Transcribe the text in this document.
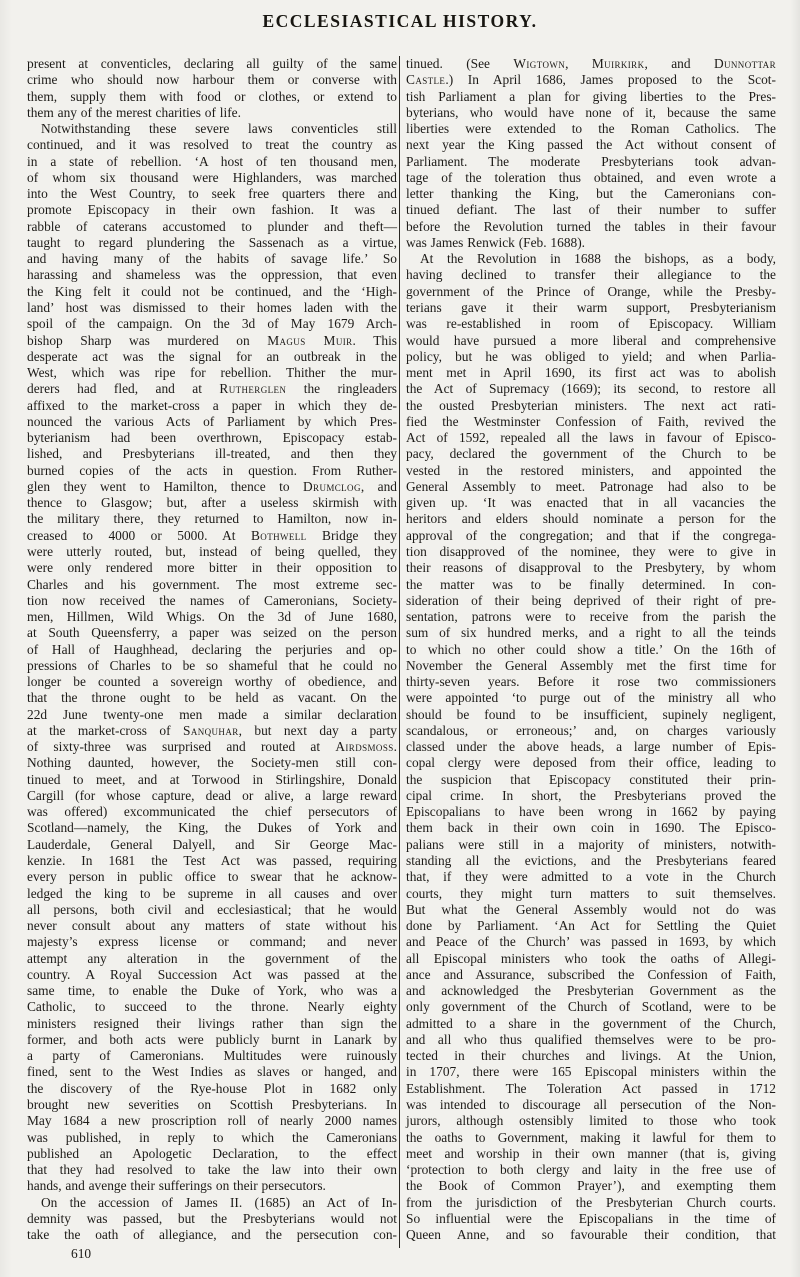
ECCLESIASTICAL HISTORY.
present at conventicles, declaring all guilty of the same
crime who should now harbour them or converse with
them, supply them with food or clothes, or extend to
them any of the merest charities of life.
Notwithstanding these severe laws conventicles still
continued, and it was resolved to treat the country as
in a state of rebellion. ‘A host of ten thousand men,
of whom six thousand were Highlanders, was marched
into the West Country, to seek free quarters there and
promote Episcopacy in their own fashion. It was a
rabble of caterans accustomed to plunder and theft—
taught to regard plundering the Sassenach as a virtue,
and having many of the habits of savage life.’ So
harassing and shameless was the oppression, that even
the King felt it could not be continued, and the ‘High-
land’ host was dismissed to their homes laden with the
spoil of the campaign. On the 3d of May 1679 Arch-
bishop Sharp was murdered on Magus Muir. This
desperate act was the signal for an outbreak in the
West, which was ripe for rebellion. Thither the mur-
derers had fled, and at Rutherglen the ringleaders
affixed to the market-cross a paper in which they de-
nounced the various Acts of Parliament by which Pres-
byterianism had been overthrown, Episcopacy estab-
lished, and Presbyterians ill-treated, and then they
burned copies of the acts in question. From Ruther-
glen they went to Hamilton, thence to Drumclog, and
thence to Glasgow; but, after a useless skirmish with
the military there, they returned to Hamilton, now in-
creased to 4000 or 5000. At Bothwell Bridge they
were utterly routed, but, instead of being quelled, they
were only rendered more bitter in their opposition to
Charles and his government. The most extreme sec-
tion now received the names of Cameronians, Society-
men, Hillmen, Wild Whigs. On the 3d of June 1680,
at South Queensferry, a paper was seized on the person
of Hall of Haughhead, declaring the perjuries and op-
pressions of Charles to be so shameful that he could no
longer be counted a sovereign worthy of obedience, and
that the throne ought to be held as vacant. On the
22d June twenty-one men made a similar declaration
at the market-cross of Sanquhar, but next day a party
of sixty-three was surprised and routed at Airdsmoss.
Nothing daunted, however, the Society-men still con-
tinued to meet, and at Torwood in Stirlingshire, Donald
Cargill (for whose capture, dead or alive, a large reward
was offered) excommunicated the chief persecutors of
Scotland—namely, the King, the Dukes of York and
Lauderdale, General Dalyell, and Sir George Mac-
kenzie. In 1681 the Test Act was passed, requiring
every person in public office to swear that he acknow-
ledged the king to be supreme in all causes and over
all persons, both civil and ecclesiastical; that he would
never consult about any matters of state without his
majesty’s express license or command; and never
attempt any alteration in the government of the
country. A Royal Succession Act was passed at the
same time, to enable the Duke of York, who was a
Catholic, to succeed to the throne. Nearly eighty
ministers resigned their livings rather than sign the
former, and both acts were publicly burnt in Lanark by
a party of Cameronians. Multitudes were ruinously
fined, sent to the West Indies as slaves or hanged, and
the discovery of the Rye-house Plot in 1682 only
brought new severities on Scottish Presbyterians. In
May 1684 a new proscription roll of nearly 2000 names
was published, in reply to which the Cameronians
published an Apologetic Declaration, to the effect
that they had resolved to take the law into their own
hands, and avenge their sufferings on their persecutors.
On the accession of James II. (1685) an Act of In-
demnity was passed, but the Presbyterians would not
take the oath of allegiance, and the persecution con-
tinued. (See Wigtown, Muirkirk, and Dunnottar
Castle.) In April 1686, James proposed to the Scot-
tish Parliament a plan for giving liberties to the Pres-
byterians, who would have none of it, because the same
liberties were extended to the Roman Catholics. The
next year the King passed the Act without consent of
Parliament. The moderate Presbyterians took advan-
tage of the toleration thus obtained, and even wrote a
letter thanking the King, but the Cameronians con-
tinued defiant. The last of their number to suffer
before the Revolution turned the tables in their favour
was James Renwick (Feb. 1688).
At the Revolution in 1688 the bishops, as a body,
having declined to transfer their allegiance to the
government of the Prince of Orange, while the Presby-
terians gave it their warm support, Presbyterianism
was re-established in room of Episcopacy. William
would have pursued a more liberal and comprehensive
policy, but he was obliged to yield; and when Parlia-
ment met in April 1690, its first act was to abolish
the Act of Supremacy (1669); its second, to restore all
the ousted Presbyterian ministers. The next act rati-
fied the Westminster Confession of Faith, revived the
Act of 1592, repealed all the laws in favour of Episco-
pacy, declared the government of the Church to be
vested in the restored ministers, and appointed the
General Assembly to meet. Patronage had also to be
given up. ‘It was enacted that in all vacancies the
heritors and elders should nominate a person for the
approval of the congregation; and that if the congrega-
tion disapproved of the nominee, they were to give in
their reasons of disapproval to the Presbytery, by whom
the matter was to be finally determined. In con-
sideration of their being deprived of their right of pre-
sentation, patrons were to receive from the parish the
sum of six hundred merks, and a right to all the teinds
to which no other could show a title.’ On the 16th of
November the General Assembly met the first time for
thirty-seven years. Before it rose two commissioners
were appointed ‘to purge out of the ministry all who
should be found to be insufficient, supinely negligent,
scandalous, or erroneous;’ and, on charges variously
classed under the above heads, a large number of Epis-
copal clergy were deposed from their office, leading to
the suspicion that Episcopacy constituted their prin-
cipal crime. In short, the Presbyterians proved the
Episcopalians to have been wrong in 1662 by paying
them back in their own coin in 1690. The Episco-
palians were still in a majority of ministers, notwith-
standing all the evictions, and the Presbyterians feared
that, if they were admitted to a vote in the Church
courts, they might turn matters to suit themselves.
But what the General Assembly would not do was
done by Parliament. ‘An Act for Settling the Quiet
and Peace of the Church’ was passed in 1693, by which
all Episcopal ministers who took the oaths of Allegi-
ance and Assurance, subscribed the Confession of Faith,
and acknowledged the Presbyterian Government as the
only government of the Church of Scotland, were to be
admitted to a share in the government of the Church,
and all who thus qualified themselves were to be pro-
tected in their churches and livings. At the Union,
in 1707, there were 165 Episcopal ministers within the
Establishment. The Toleration Act passed in 1712
was intended to discourage all persecution of the Non-
jurors, although ostensibly limited to those who took
the oaths to Government, making it lawful for them to
meet and worship in their own manner (that is, giving
‘protection to both clergy and laity in the free use of
the Book of Common Prayer’), and exempting them
from the jurisdiction of the Presbyterian Church courts.
So influential were the Episcopalians in the time of
Queen Anne, and so favourable their condition, that
610
